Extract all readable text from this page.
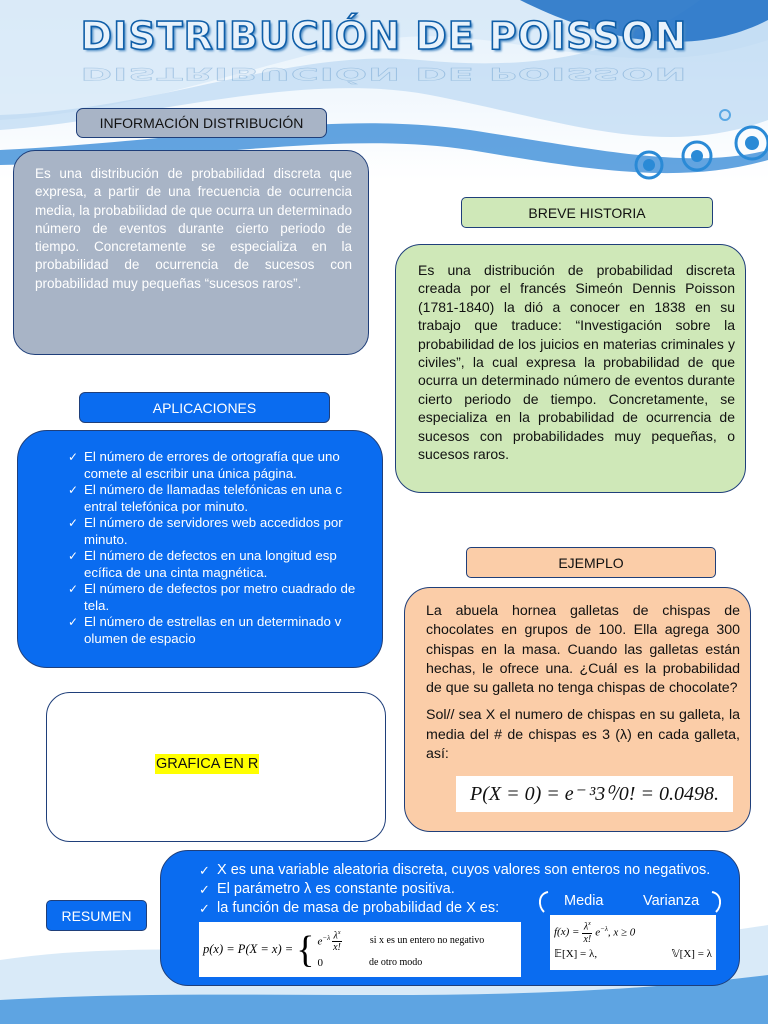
DISTRIBUCIÓN DE POISSON
DISTRIBUCIÓN DE POISSON
INFORMACIÓN DISTRIBUCIÓN
Es una distribución de probabilidad discreta que expresa, a partir de una frecuencia de ocurrencia media, la probabilidad de que ocurra un determinado número de eventos durante cierto periodo de tiempo. Concretamente se especializa en la probabilidad de ocurrencia de sucesos con probabilidad muy pequeñas “sucesos raros”.
BREVE HISTORIA
Es una distribución de probabilidad discreta creada por el francés Simeón Dennis Poisson (1781-1840) la dió a conocer en 1838 en su trabajo que traduce: “Investigación sobre la probabilidad de los juicios en materias criminales y civiles”, la cual expresa la probabilidad de que ocurra un determinado número de eventos durante cierto periodo de tiempo. Concretamente, se especializa en la probabilidad de ocurrencia de sucesos con probabilidades muy pequeñas, o sucesos raros.
APLICACIONES
✓ El número de errores de ortografía que uno comete al escribir una única página.
✓ El número de llamadas telefónicas en una c entral telefónica por minuto.
✓ El número de servidores web accedidos por minuto.
✓ El número de defectos en una longitud esp ecífica de una cinta magnética.
✓ El número de defectos por metro cuadrado de tela.
✓ El número de estrellas en un determinado v olumen de espacio
GRAFICA EN R
EJEMPLO
La abuela hornea galletas de chispas de chocolates en grupos de 100. Ella agrega 300 chispas en la masa. Cuando las galletas están hechas, le ofrece una. ¿Cuál es la probabilidad de que su galleta no tenga chispas de chocolate?
Sol// sea X el numero de chispas en su galleta, la media del # de chispas es 3 (λ) en cada galleta, así:
P(X = 0) = e⁻ ³3⁰/0! = 0.0498.
RESUMEN
✓ X es una variable aleatoria discreta, cuyos valores son enteros no negativos.
✓ El parámetro λ es constante positiva.
✓ la función de masa de probabilidad de X es:
p(x) = P(X = x) = { $e^{-\lambda}$ $\lambda^x$
x!
si x es un entero no negativo
0	de otro modo
Media	Varianza
$f(x) = \frac{\lambda^x}{x!} e^{-\lambda}$, x ≥ 0
𝔼[X] = λ,	𝕍[X] = λ
